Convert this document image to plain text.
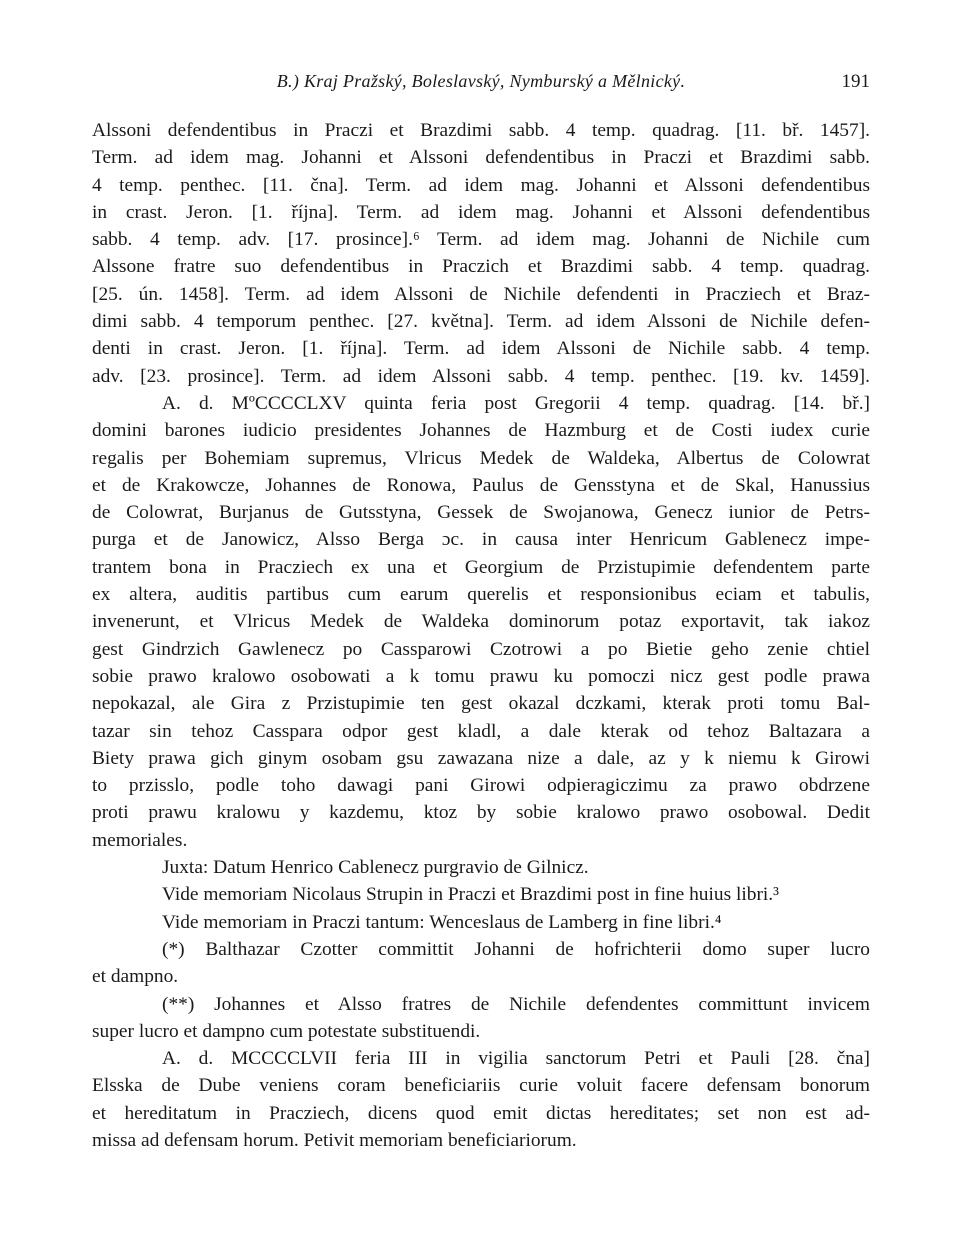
B.) Kraj Pražský, Boleslavský, Nymburský a Mělnický.	191
Alssoni defendentibus in Praczi et Brazdimi sabb. 4 temp. quadrag. [11. bř. 1457].
Term. ad idem mag. Johanni et Alssoni defendentibus in Praczi et Brazdimi sabb.
4 temp. penthec. [11. čna]. Term. ad idem mag. Johanni et Alssoni defendentibus
in crast. Jeron. [1. října]. Term. ad idem mag. Johanni et Alssoni defendentibus
sabb. 4 temp. adv. [17. prosince].⁶ Term. ad idem mag. Johanni de Nichile cum
Alssone fratre suo defendentibus in Praczich et Brazdimi sabb. 4 temp. quadrag.
[25. ún. 1458]. Term. ad idem Alssoni de Nichile defendenti in Pracziech et Braz-
dimi sabb. 4 temporum penthec. [27. května]. Term. ad idem Alssoni de Nichile defen-
denti in crast. Jeron. [1. října]. Term. ad idem Alssoni de Nichile sabb. 4 temp.
adv. [23. prosince]. Term. ad idem Alssoni sabb. 4 temp. penthec. [19. kv. 1459].
A. d. MºCCCCLXV quinta feria post Gregorii 4 temp. quadrag. [14. bř.]
domini barones iudicio presidentes Johannes de Hazmburg et de Costi iudex curie
regalis per Bohemiam supremus, Vlricus Medek de Waldeka, Albertus de Colowrat
et de Krakowcze, Johannes de Ronowa, Paulus de Gensstyna et de Skal, Hanussius
de Colowrat, Burjanus de Gutsstyna, Gessek de Swojanowa, Genecz iunior de Petrs-
purga et de Janowicz, Alsso Berga ɔc. in causa inter Henricum Gablenecz impe-
trantem bona in Pracziech ex una et Georgium de Przistupimie defendentem parte
ex altera, auditis partibus cum earum querelis et responsionibus eciam et tabulis,
invenerunt, et Vlricus Medek de Waldeka dominorum potaz exportavit, tak iakoz
gest Gindrzich Gawlenecz po Cassparowi Czotrowi a po Bietie geho zenie chtiel
sobie prawo kralowo osobowati a k tomu prawu ku pomoczi nicz gest podle prawa
nepokazal, ale Gira z Przistupimie ten gest okazal dczkami, kterak proti tomu Bal-
tazar sin tehoz Casspara odpor gest kladl, a dale kterak od tehoz Baltazara a
Biety prawa gich ginym osobam gsu zawazana nize a dale, az y k niemu k Girowi
to przisslo, podle toho dawagi pani Girowi odpieragiczimu za prawo obdrzene
proti prawu kralowu y kazdemu, ktoz by sobie kralowo prawo osobowal. Dedit
memoriales.
Juxta: Datum Henrico Cablenecz purgravio de Gilnicz.
Vide memoriam Nicolaus Strupin in Praczi et Brazdimi post in fine huius libri.³
Vide memoriam in Praczi tantum: Wenceslaus de Lamberg in fine libri.⁴
(*) Balthazar Czotter committit Johanni de hofrichterii domo super lucro
et dampno.
(**) Johannes et Alsso fratres de Nichile defendentes committunt invicem
super lucro et dampno cum potestate substituendi.
A. d. MCCCCLVII feria III in vigilia sanctorum Petri et Pauli [28. čna]
Elsska de Dube veniens coram beneficiariis curie voluit facere defensam bonorum
et hereditatum in Pracziech, dicens quod emit dictas hereditates; set non est ad-
missa ad defensam horum. Petivit memoriam beneficiariorum.
